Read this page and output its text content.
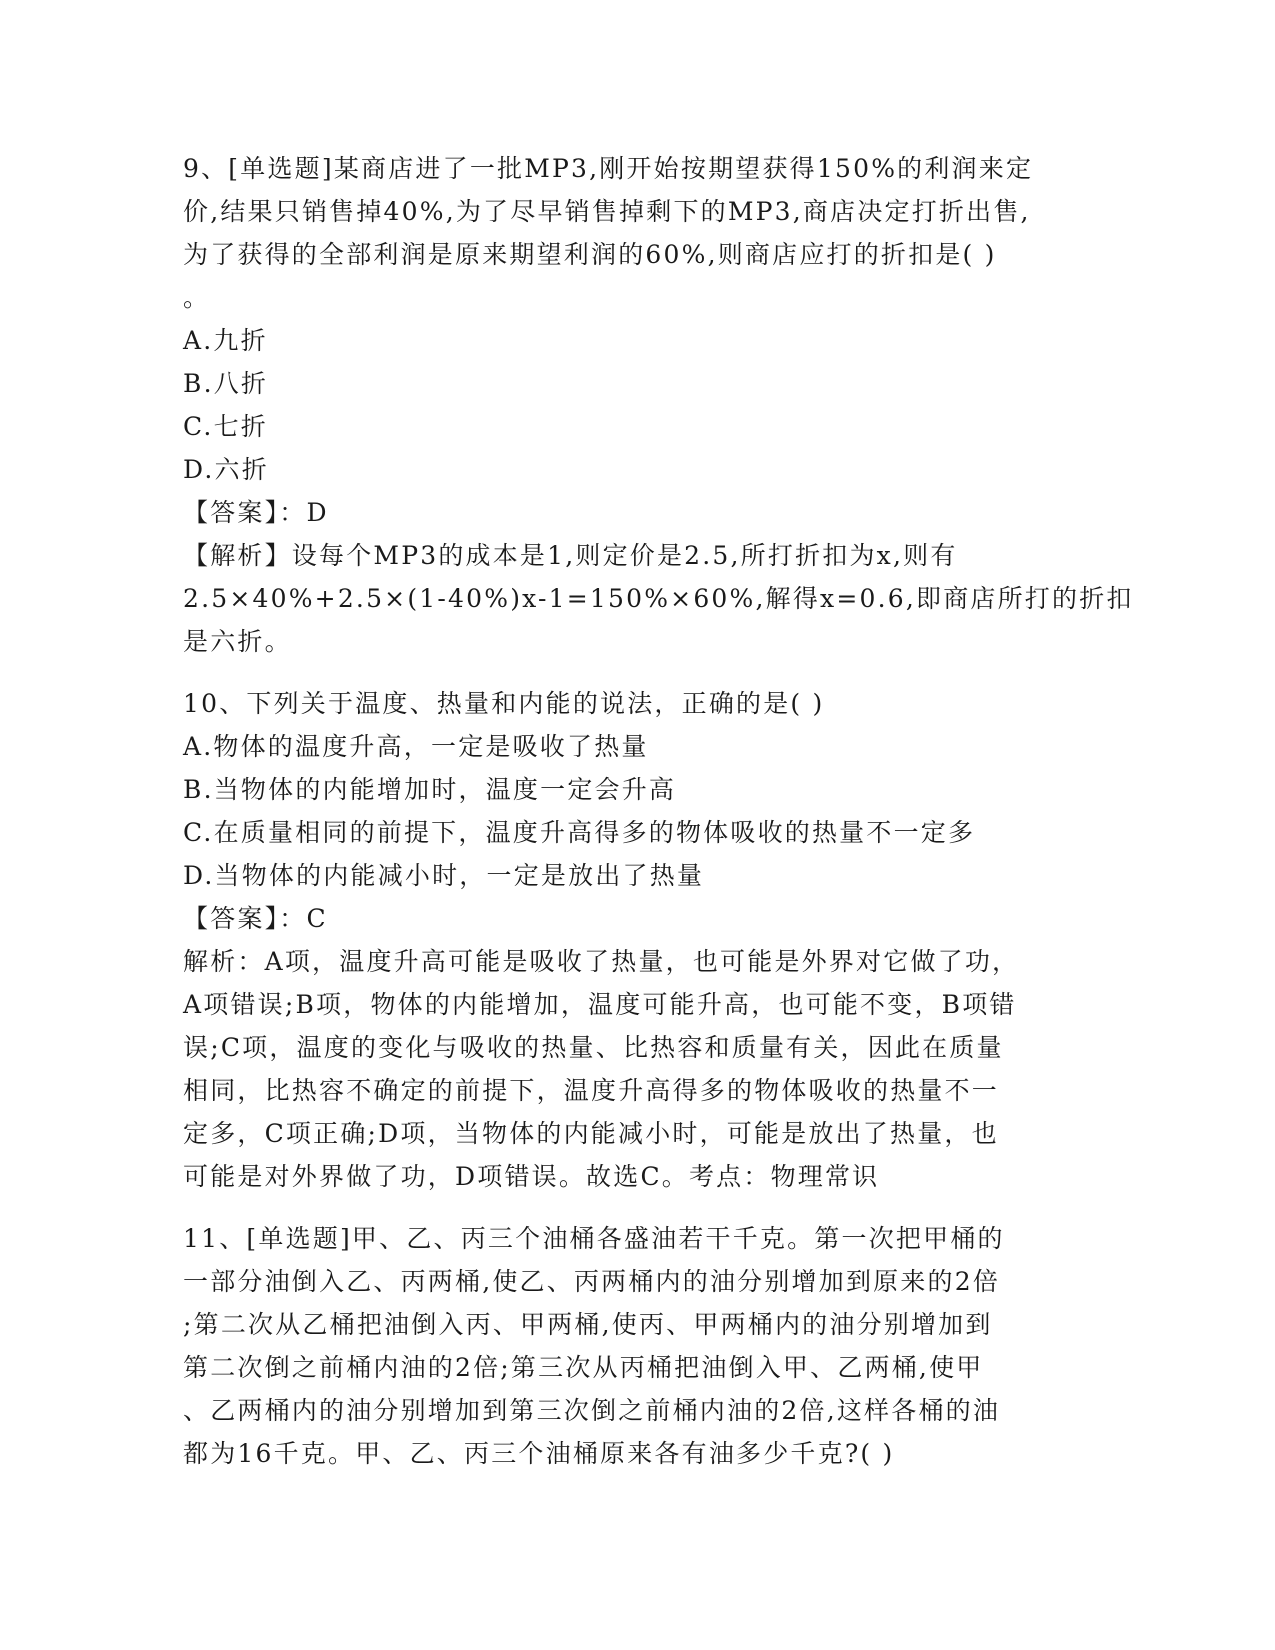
9、[单选题]某商店进了一批MP3,刚开始按期望获得150%的利润来定

价,结果只销售掉40%,为了尽早销售掉剩下的MP3,商店决定打折出售,

为了获得的全部利润是原来期望利润的60%,则商店应打的折扣是( )

。

A.九折

B.八折

C.七折

D.六折

【答案】：D

【解析】设每个MP3的成本是1,则定价是2.5,所打折扣为x,则有

2.5×40%+2.5×(1-40%)x-1=150%×60%,解得x=0.6,即商店所打的折扣

是六折。

10、下列关于温度、热量和内能的说法，正确的是( )

A.物体的温度升高，一定是吸收了热量

B.当物体的内能增加时，温度一定会升高

C.在质量相同的前提下，温度升高得多的物体吸收的热量不一定多

D.当物体的内能减小时，一定是放出了热量

【答案】：C

解析：A项，温度升高可能是吸收了热量，也可能是外界对它做了功，

A项错误;B项，物体的内能增加，温度可能升高，也可能不变，B项错

误;C项，温度的变化与吸收的热量、比热容和质量有关，因此在质量

相同，比热容不确定的前提下，温度升高得多的物体吸收的热量不一

定多，C项正确;D项，当物体的内能减小时，可能是放出了热量，也

可能是对外界做了功，D项错误。故选C。考点：物理常识

11、[单选题]甲、乙、丙三个油桶各盛油若干千克。第一次把甲桶的

一部分油倒入乙、丙两桶,使乙、丙两桶内的油分别增加到原来的2倍

;第二次从乙桶把油倒入丙、甲两桶,使丙、甲两桶内的油分别增加到

第二次倒之前桶内油的2倍;第三次从丙桶把油倒入甲、乙两桶,使甲

、乙两桶内的油分别增加到第三次倒之前桶内油的2倍,这样各桶的油

都为16千克。甲、乙、丙三个油桶原来各有油多少千克?( )
